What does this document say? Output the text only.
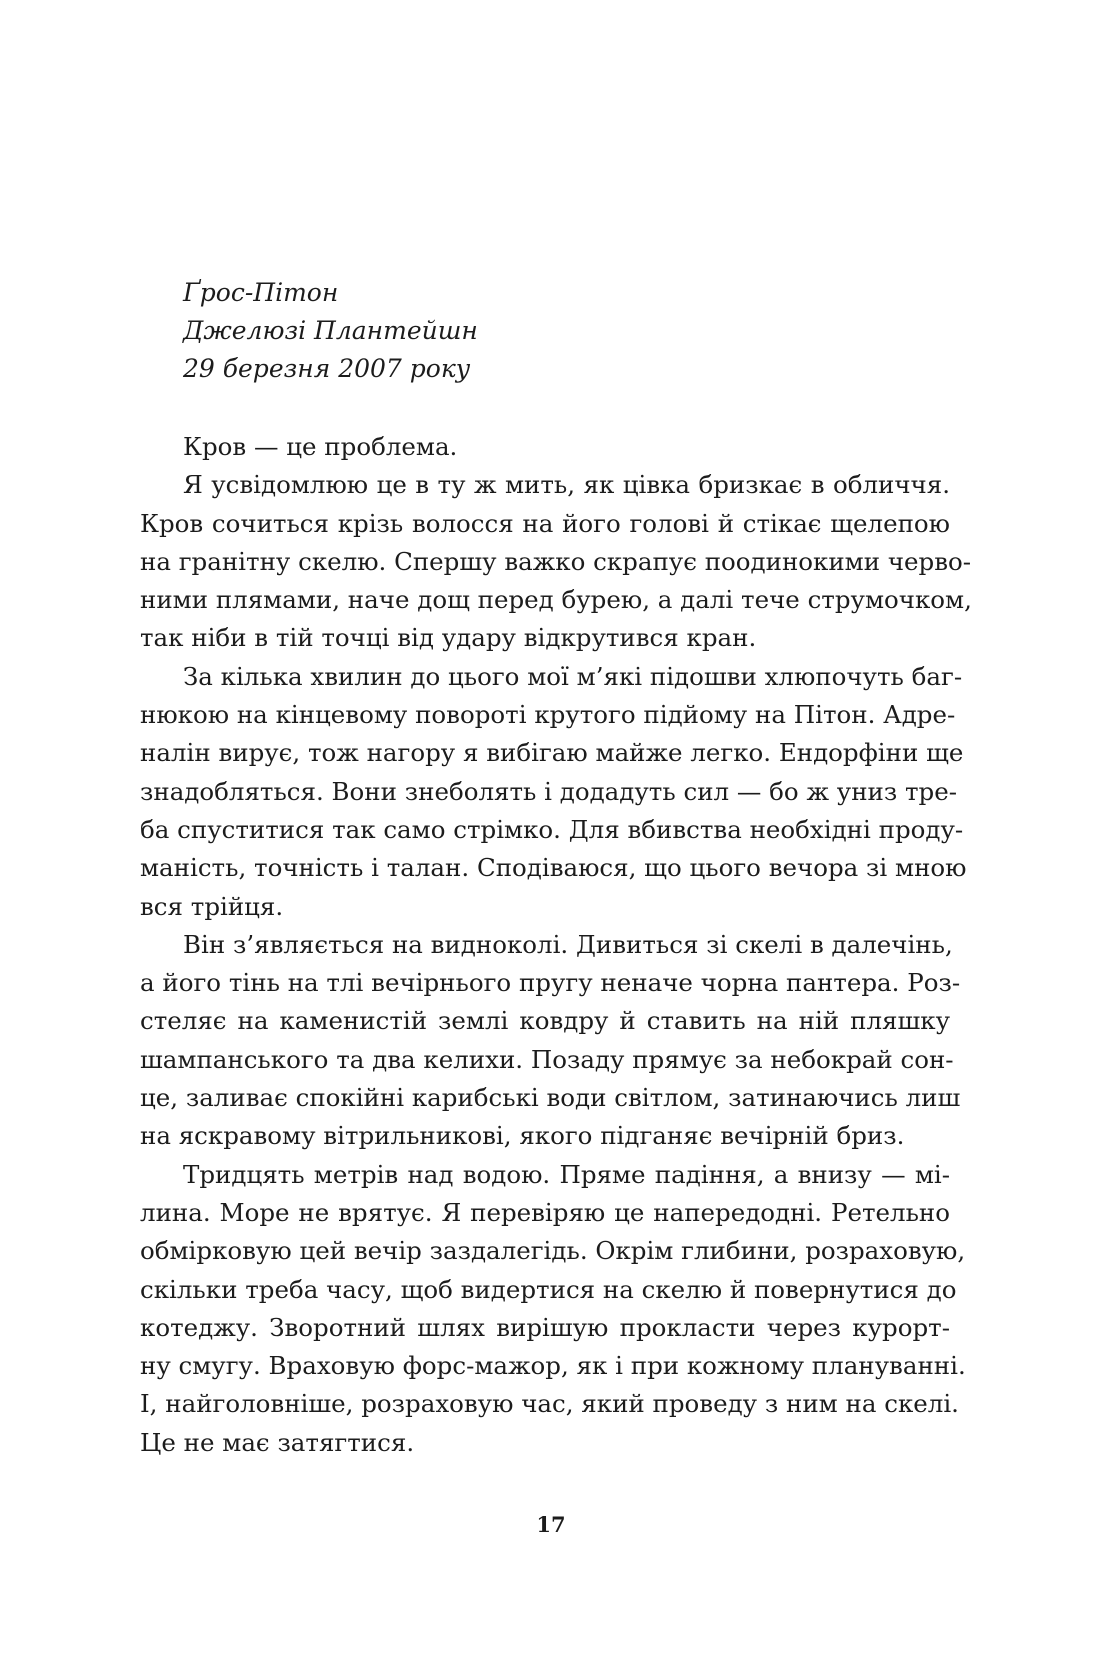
Ґрос-Пітон
Джелюзі Плантейшн
29 березня 2007 року
Кров — це проблема.
Я усвідомлюю це в ту ж мить, як цівка бризкає в обличчя.
Кров сочиться крізь волосся на його голові й стікає щелепою
на гранітну скелю. Спершу важко скрапує поодинокими черво-
ними плямами, наче дощ перед бурею, а далі тече струмочком,
так ніби в тій точці від удару відкрутився кран.
За кілька хвилин до цього мої м’які підошви хлюпочуть баг-
нюкою на кінцевому повороті крутого підйому на Пітон. Адре-
налін вирує, тож нагору я вибігаю майже легко. Ендорфіни ще
знадобляться. Вони знеболять і додадуть сил — бо ж униз тре-
ба спуститися так само стрімко. Для вбивства необхідні проду-
маність, точність і талан. Сподіваюся, що цього вечора зі мною
вся трійця.
Він з’являється на видноколі. Дивиться зі скелі в далечінь,
а його тінь на тлі вечірнього пругу неначе чорна пантера. Роз-
стеляє на каменистій землі ковдру й ставить на ній пляшку
шампанського та два келихи. Позаду прямує за небокрай сон-
це, заливає спокійні карибські води світлом, затинаючись лиш
на яскравому вітрильникові, якого підганяє вечірній бриз.
Тридцять метрів над водою. Пряме падіння, а внизу — мі-
лина. Море не врятує. Я перевіряю це напередодні. Ретельно
обмірковую цей вечір заздалегідь. Окрім глибини, розраховую,
скільки треба часу, щоб видертися на скелю й повернутися до
котеджу. Зворотний шлях вирішую прокласти через курорт-
ну смугу. Враховую форс-мажор, як і при кожному плануванні.
І, найголовніше, розраховую час, який проведу з ним на скелі.
Це не має затягтися.
17
